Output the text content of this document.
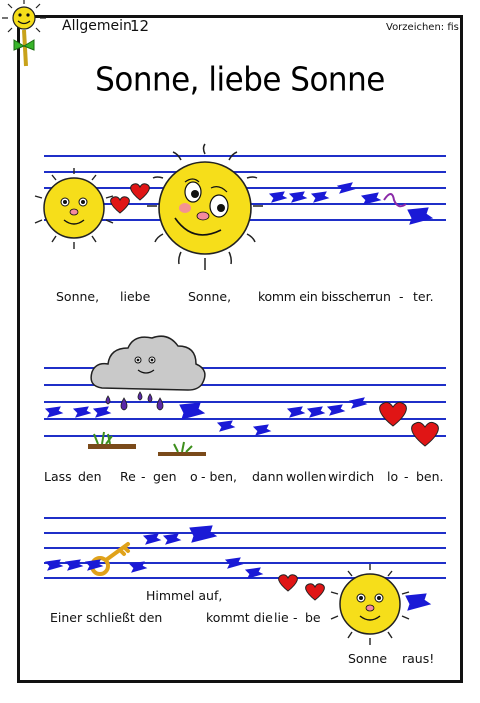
Allgemein
12	Vorzeichen: fis
Sonne, liebe Sonne
Sonne, liebe	Sonne, komm ein bisschen
run - ter.
Lass den Re - gen o - ben, dann wollen wir dich lo - ben.
Himmel auf,
Einer schließt den	kommt die lie - be
Sonne raus!
